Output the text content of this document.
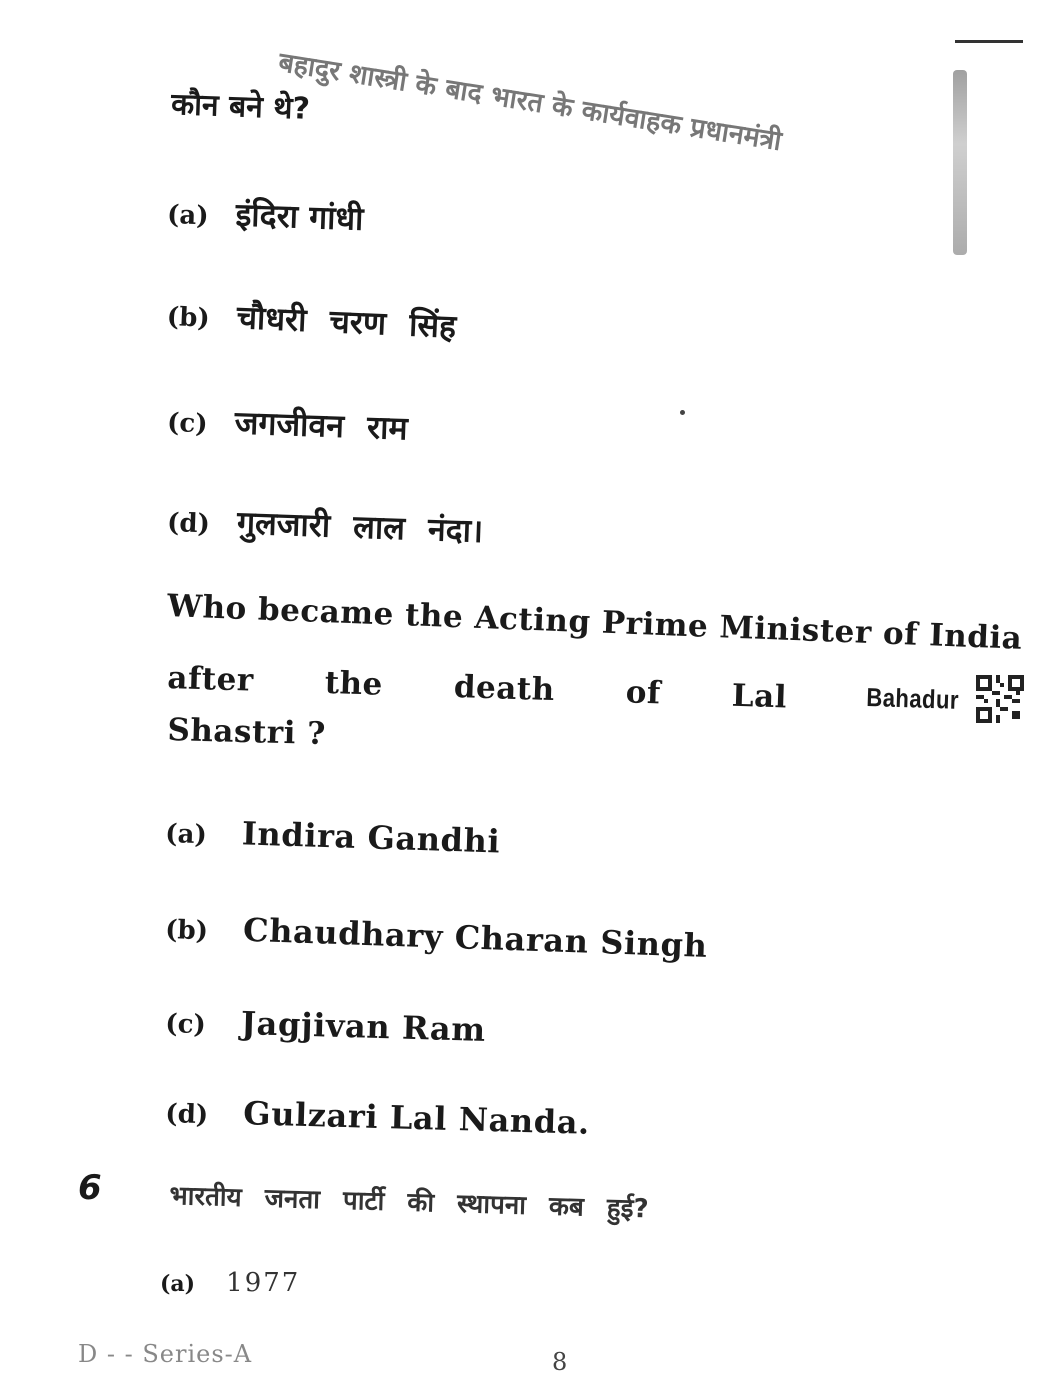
बहादुर शास्त्री के बाद भारत के कार्यवाहक प्रधानमंत्री
कौन बने थे?
(a) इंदिरा गांधी
(b) चौधरी चरण सिंह
(c) जगजीवन राम
(d) गुलजारी लाल नंदा।
Who became the Acting Prime Minister of India
after the death of Lal	Bahadur
Shastri ?
(a) Indira Gandhi
(b) Chaudhary Charan Singh
(c) Jagjivan Ram
(d) Gulzari Lal Nanda.
6	भारतीय जनता पार्टी की स्थापना कब हुई?
(a) 1977
D - - Series-A	8
